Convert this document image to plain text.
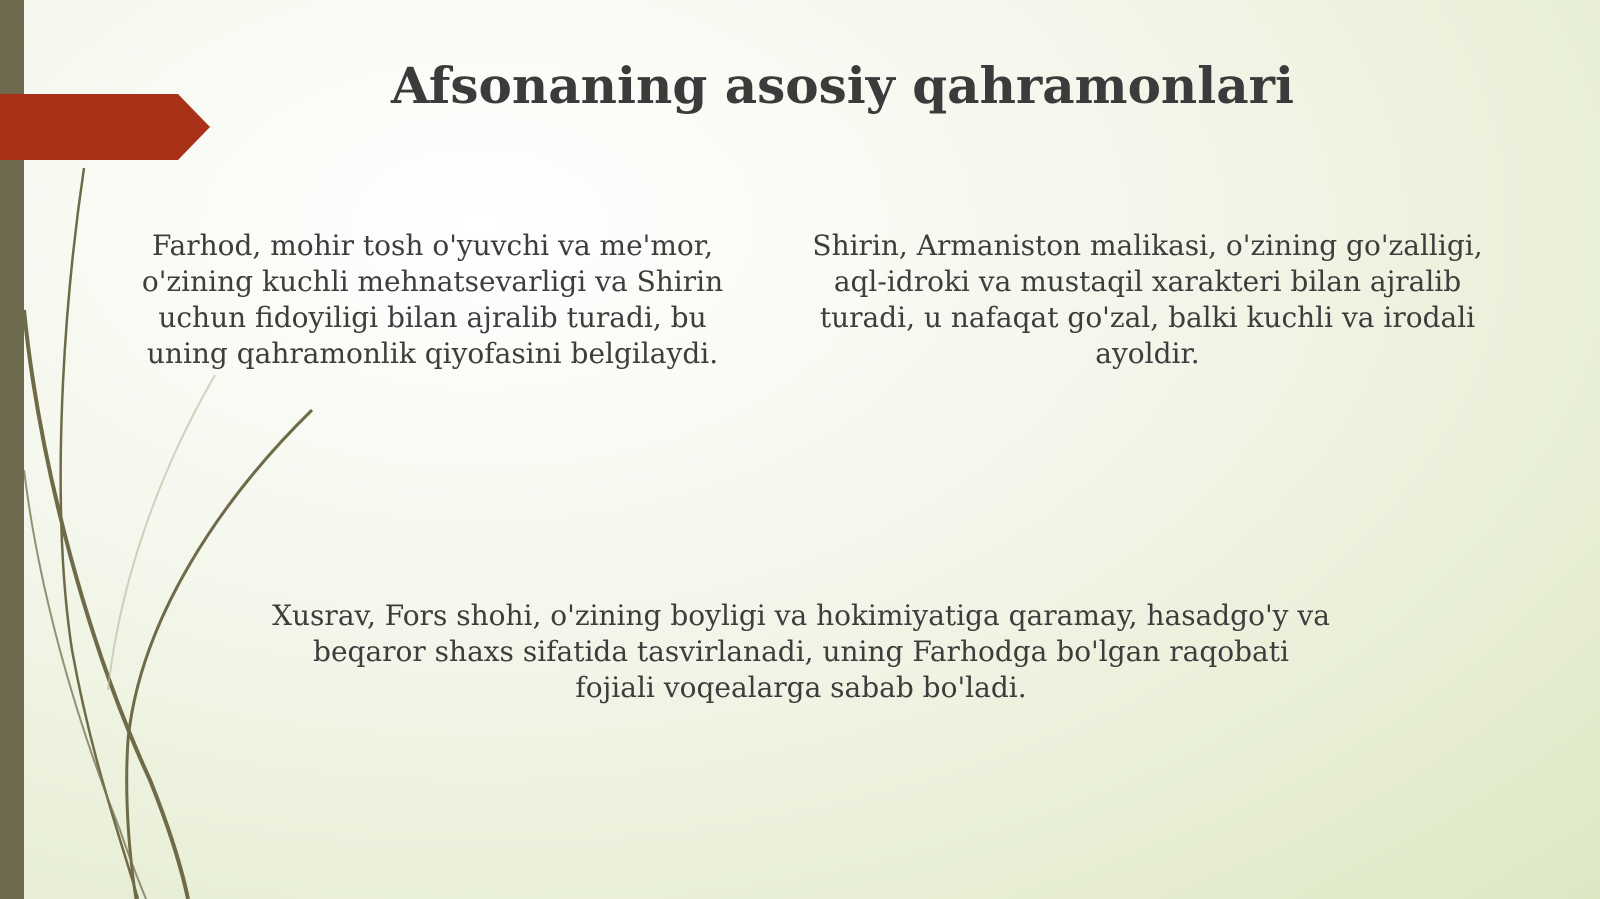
Afsonaning asosiy qahramonlari

Farhod, mohir tosh o'yuvchi va me'mor, o'zining kuchli mehnatsevarligi va Shirin uchun fidoyiligi bilan ajralib turadi, bu uning qahramonlik qiyofasini belgilaydi.

Shirin, Armaniston malikasi, o'zining go'zalligi, aql-idroki va mustaqil xarakteri bilan ajralib turadi, u nafaqat go'zal, balki kuchli va irodali ayoldir.

Xusrav, Fors shohi, o'zining boyligi va hokimiyatiga qaramay, hasadgo'y va beqaror shaxs sifatida tasvirlanadi, uning Farhodga bo'lgan raqobati fojiali voqealarga sabab bo'ladi.
